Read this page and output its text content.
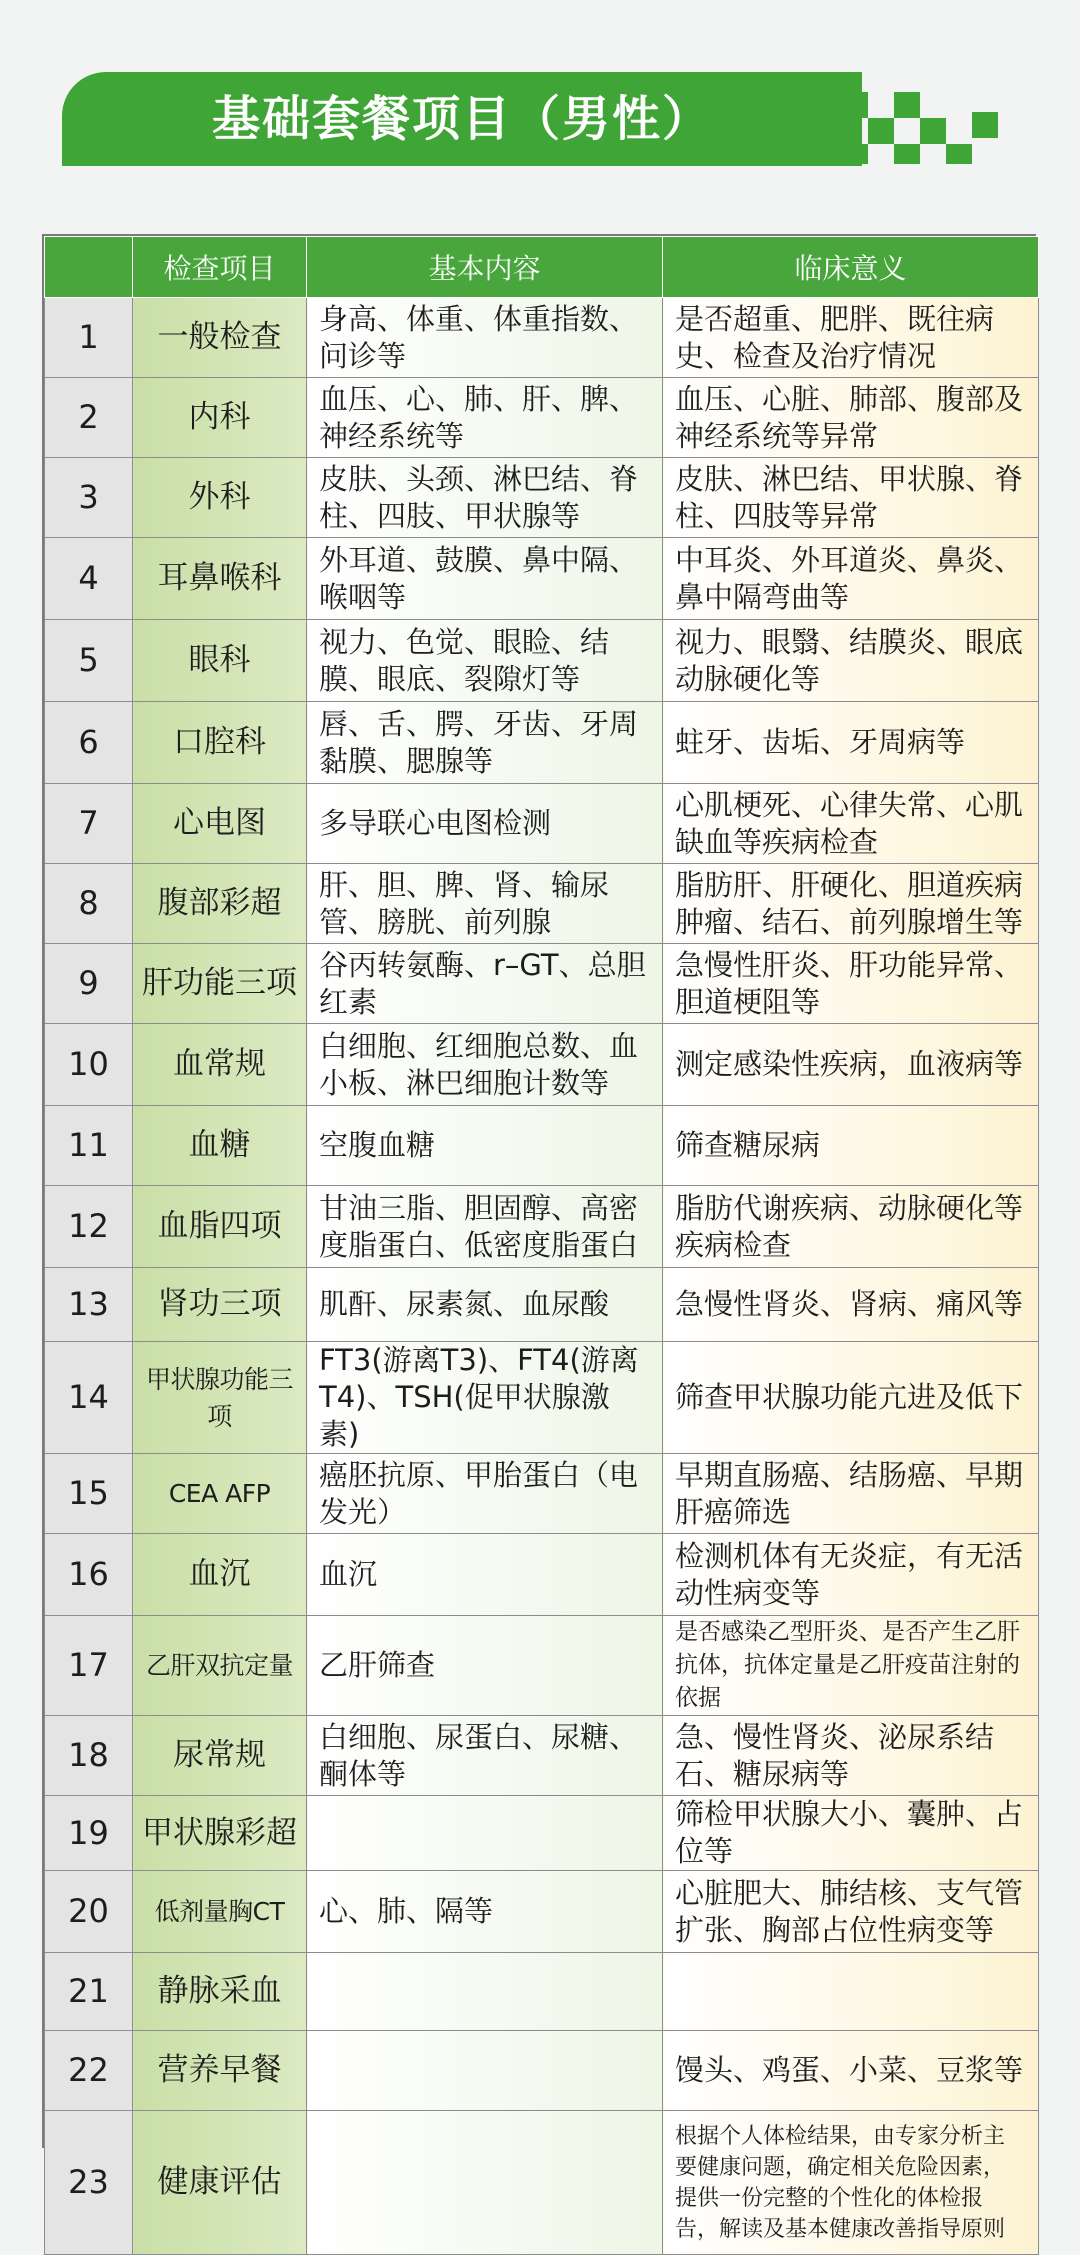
基础套餐项目（男性）
	检查项目	基本内容	临床意义
1	一般检查	身高、体重、体重指数、问诊等	是否超重、肥胖、既往病史、检查及治疗情况
2	内科	血压、心、肺、肝、脾、神经系统等	血压、心脏、肺部、腹部及神经系统等异常
3	外科	皮肤、头颈、淋巴结、脊柱、四肢、甲状腺等	皮肤、淋巴结、甲状腺、脊柱、四肢等异常
4	耳鼻喉科	外耳道、鼓膜、鼻中隔、喉咽等	中耳炎、外耳道炎、鼻炎、鼻中隔弯曲等
5	眼科	视力、色觉、眼睑、结膜、眼底、裂隙灯等	视力、眼翳、结膜炎、眼底动脉硬化等
6	口腔科	唇、舌、腭、牙齿、牙周黏膜、腮腺等	蛀牙、齿垢、牙周病等
7	心电图	多导联心电图检测	心肌梗死、心律失常、心肌缺血等疾病检查
8	腹部彩超	肝、胆、脾、肾、输尿管、膀胱、前列腺	脂肪肝、肝硬化、胆道疾病肿瘤、结石、前列腺增生等
9	肝功能三项	谷丙转氨酶、r–GT、总胆红素	急慢性肝炎、肝功能异常、胆道梗阻等
10	血常规	白细胞、红细胞总数、血小板、淋巴细胞计数等	测定感染性疾病，血液病等
11	血糖	空腹血糖	筛查糖尿病
12	血脂四项	甘油三脂、胆固醇、高密度脂蛋白、低密度脂蛋白	脂肪代谢疾病、动脉硬化等疾病检查
13	肾功三项	肌酐、尿素氮、血尿酸	急慢性肾炎、肾病、痛风等
14	甲状腺功能三项	FT3(游离T3)、FT4(游离T4)、TSH(促甲状腺激素)	筛查甲状腺功能亢进及低下
15	CEA AFP	癌胚抗原、甲胎蛋白（电发光）	早期直肠癌、结肠癌、早期肝癌筛选
16	血沉	血沉	检测机体有无炎症，有无活动性病变等
17	乙肝双抗定量	乙肝筛查	是否感染乙型肝炎、是否产生乙肝抗体，抗体定量是乙肝疫苗注射的依据
18	尿常规	白细胞、尿蛋白、尿糖、酮体等	急、慢性肾炎、泌尿系结石、糖尿病等
19	甲状腺彩超		筛检甲状腺大小、囊肿、占位等
20	低剂量胸CT	心、肺、隔等	心脏肥大、肺结核、支气管扩张、胸部占位性病变等
21	静脉采血		
22	营养早餐		馒头、鸡蛋、小菜、豆浆等
23	健康评估		根据个人体检结果，由专家分析主要健康问题，确定相关危险因素，提供一份完整的个性化的体检报告，解读及基本健康改善指导原则
